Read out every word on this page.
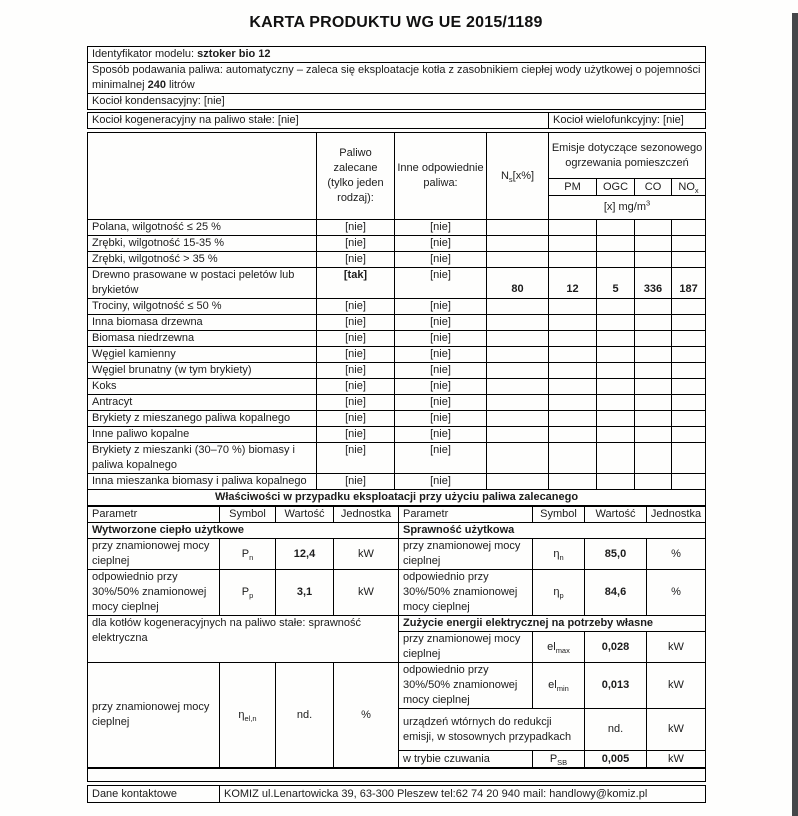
KARTA PRODUKTU WG UE 2015/1189
Identyfikator modelu: sztoker bio 12
Sposób podawania paliwa: automatyczny – zaleca się eksploatacje kotła z zasobnikiem ciepłej wody użytkowej o pojemności minimalnej 240 litrów
Kocioł kondensacyjny: [nie]
Kocioł kogeneracyjny na paliwo stałe: [nie]	Kocioł wielofunkcyjny: [nie]
	Paliwo zalecane (tylko jeden rodzaj):	Inne odpowiednie paliwa:	$N_s[x\%]$	Emisje dotyczące sezonowego ogrzewania pomieszczeń			
				PM	OGC	CO	$NO_x$
				[x] $mg/m^3$
Polana, wilgotność ≤ 25 %	[nie]	[nie]					
Zrębki, wilgotność 15-35 %	[nie]	[nie]					
Zrębki, wilgotność > 35 %	[nie]	[nie]					
Drewno prasowane w postaci peletów lub brykietów	[tak]	[nie]	80	12	5	336	187
Trociny, wilgotność ≤ 50 %	[nie]	[nie]					
Inna biomasa drzewna	[nie]	[nie]					
Biomasa niedrzewna	[nie]	[nie]					
Węgiel kamienny	[nie]	[nie]					
Węgiel brunatny (w tym brykiety)	[nie]	[nie]					
Koks	[nie]	[nie]					
Antracyt	[nie]	[nie]					
Brykiety z mieszanego paliwa kopalnego	[nie]	[nie]					
Inne paliwo kopalne	[nie]	[nie]					
Brykiety z mieszanki (30–70 %) biomasy i paliwa kopalnego	[nie]	[nie]					
Inna mieszanka biomasy i paliwa kopalnego	[nie]	[nie]					
Właściwości w przypadku eksploatacji przy użyciu paliwa zalecanego							
Parametr	Symbol	Wartość	Jednostka	Parametr	Symbol	Wartość	Jednostka
Wytworzone ciepło użytkowe				Sprawność użytkowa			
przy znamionowej mocy cieplnej	$P_n$	12,4	kW	przy znamionowej mocy cieplnej	$\eta_n$	85,0	%
odpowiednio przy 30%/50% znamionowej mocy cieplnej	$P_p$	3,1	kW	odpowiednio przy 30%/50% znamionowej mocy cieplnej	$\eta_p$	84,6	%
dla kotłów kogeneracyjnych na paliwo stałe: sprawność elektryczna				Zużycie energii elektrycznej na potrzeby własne			
				przy znamionowej mocy cieplnej	$el_{max}$	0,028	kW
przy znamionowej mocy cieplnej	$\eta_{el,n}$	nd.	%	odpowiednio przy 30%/50% znamionowej mocy cieplnej	$el_{min}$	0,013	kW
				urządzeń wtórnych do redukcji emisji, w stosownych przypadkach		nd.	kW
				w trybie czuwania	$P_{SB}$	0,005	kW
Dane kontaktowe	KOMIZ ul.Lenartowicka 39, 63-300 Pleszew tel:62 74 20 940 mail: handlowy@komiz.pl
